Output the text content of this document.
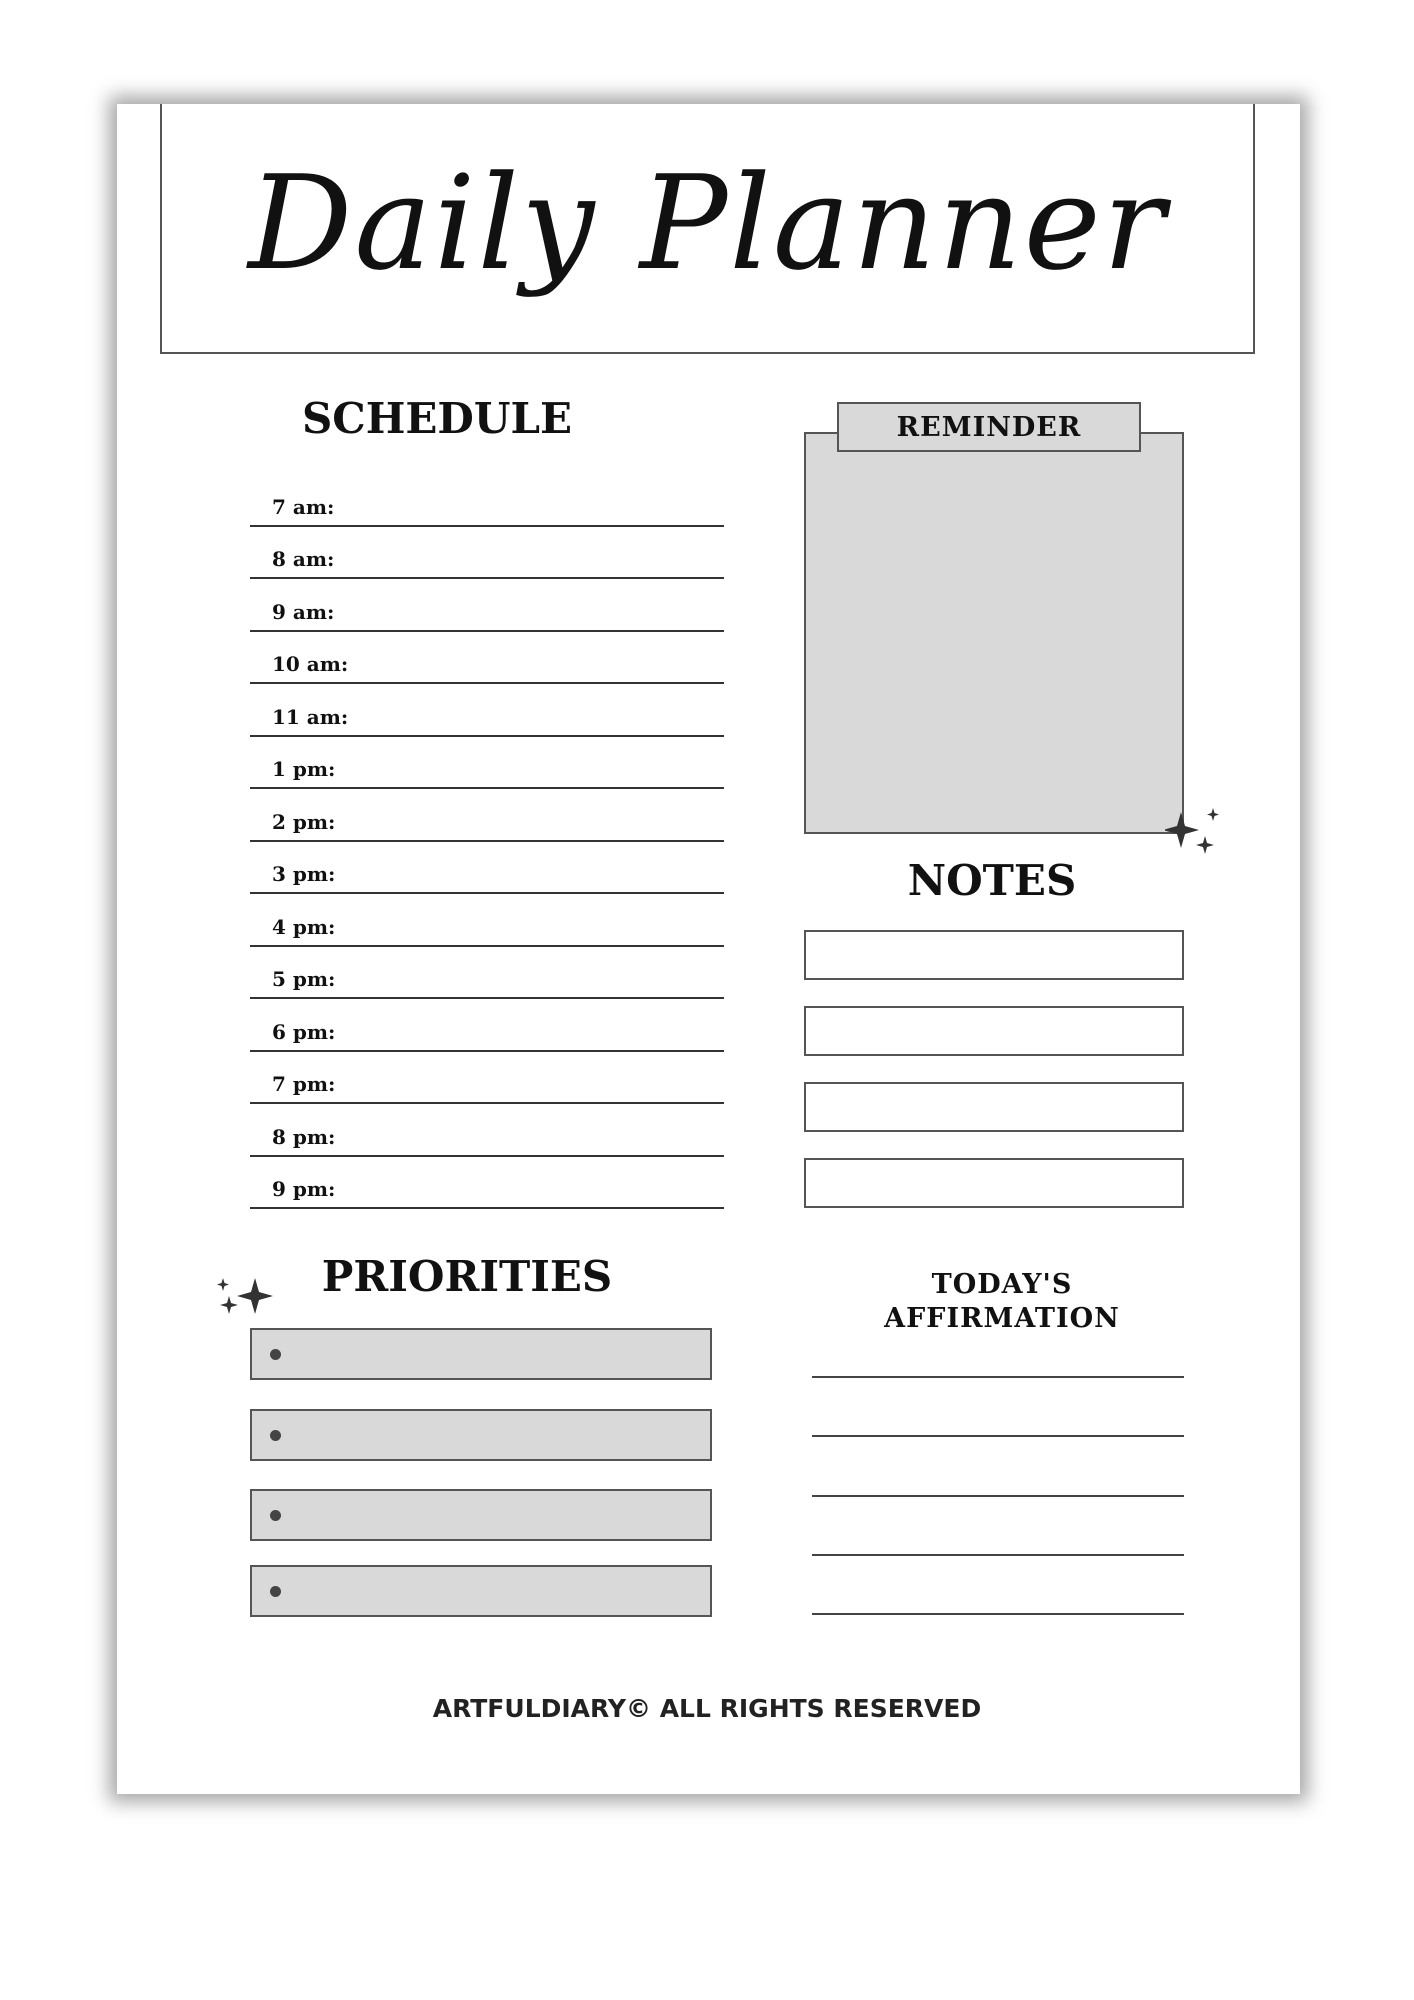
Daily Planner
SCHEDULE
7 am:
8 am:
9 am:
10 am:
11 am:
1 pm:
2 pm:
3 pm:
4 pm:
5 pm:
6 pm:
7 pm:
8 pm:
9 pm:
REMINDER
NOTES
PRIORITIES	TODAY'S
AFFIRMATION
ARTFULDIARY© ALL RIGHTS RESERVED
